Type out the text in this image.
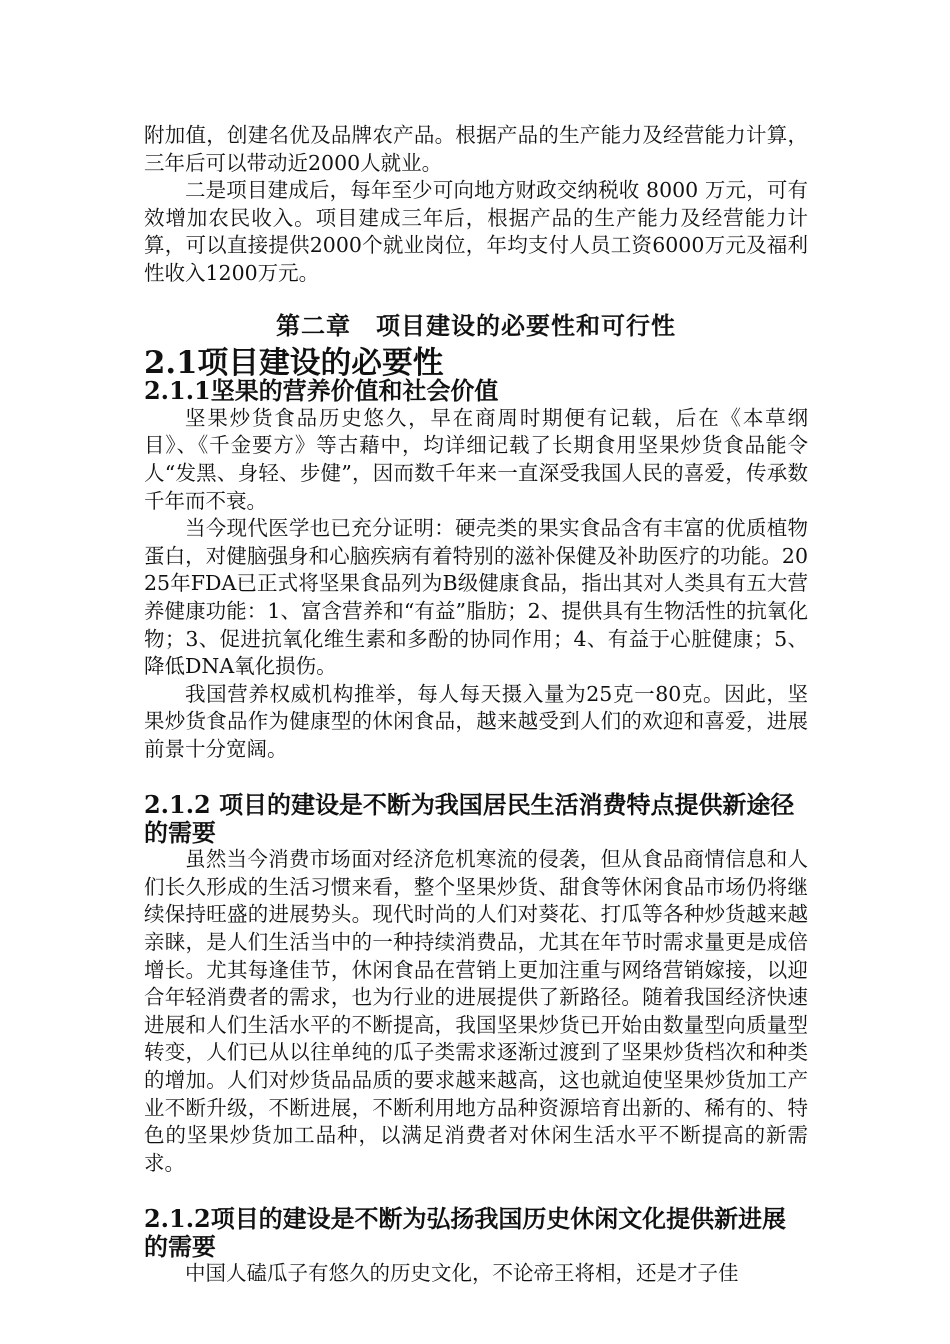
附加值，创建名优及品牌农产品。根据产品的生产能力及经营能力计算，三年后可以带动近2000人就业。

二是项目建成后，每年至少可向地方财政交纳税收 8000 万元，可有效增加农民收入。项目建成三年后，根据产品的生产能力及经营能力计算，可以直接提供2000个就业岗位，年均支付人员工资6000万元及福利性收入1200万元。

第二章　项目建设的必要性和可行性
2.1项目建设的必要性
2.1.1坚果的营养价值和社会价值

坚果炒货食品历史悠久，早在商周时期便有记载，后在《本草纲目》、《千金要方》等古藉中，均详细记载了长期食用坚果炒货食品能令人“发黑、身轻、步健”，因而数千年来一直深受我国人民的喜爱，传承数千年而不衰。

当今现代医学也已充分证明：硬壳类的果实食品含有丰富的优质植物蛋白，对健脑强身和心脑疾病有着特别的滋补保健及补助医疗的功能。2025年FDA已正式将坚果食品列为B级健康食品，指出其对人类具有五大营养健康功能：1、富含营养和“有益”脂肪；2、提供具有生物活性的抗氧化物；3、促进抗氧化维生素和多酚的协同作用；4、有益于心脏健康；5、降低DNA氧化损伤。

我国营养权威机构推举，每人每天摄入量为25克一80克。因此，坚果炒货食品作为健康型的休闲食品，越来越受到人们的欢迎和喜爱，进展前景十分宽阔。

2.1.2 项目的建设是不断为我国居民生活消费特点提供新途径的需要

虽然当今消费市场面对经济危机寒流的侵袭，但从食品商情信息和人们长久形成的生活习惯来看，整个坚果炒货、甜食等休闲食品市场仍将继续保持旺盛的进展势头。现代时尚的人们对葵花、打瓜等各种炒货越来越亲睐，是人们生活当中的一种持续消费品，尤其在年节时需求量更是成倍增长。尤其每逢佳节，休闲食品在营销上更加注重与网络营销嫁接，以迎合年轻消费者的需求，也为行业的进展提供了新路径。随着我国经济快速进展和人们生活水平的不断提高，我国坚果炒货已开始由数量型向质量型转变，人们已从以往单纯的瓜子类需求逐渐过渡到了坚果炒货档次和种类的增加。人们对炒货品品质的要求越来越高，这也就迫使坚果炒货加工产业不断升级，不断进展，不断利用地方品种资源培育出新的、稀有的、特色的坚果炒货加工品种，以满足消费者对休闲生活水平不断提高的新需求。

2.1.2项目的建设是不断为弘扬我国历史休闲文化提供新进展的需要

中国人磕瓜子有悠久的历史文化，不论帝王将相，还是才子佳
